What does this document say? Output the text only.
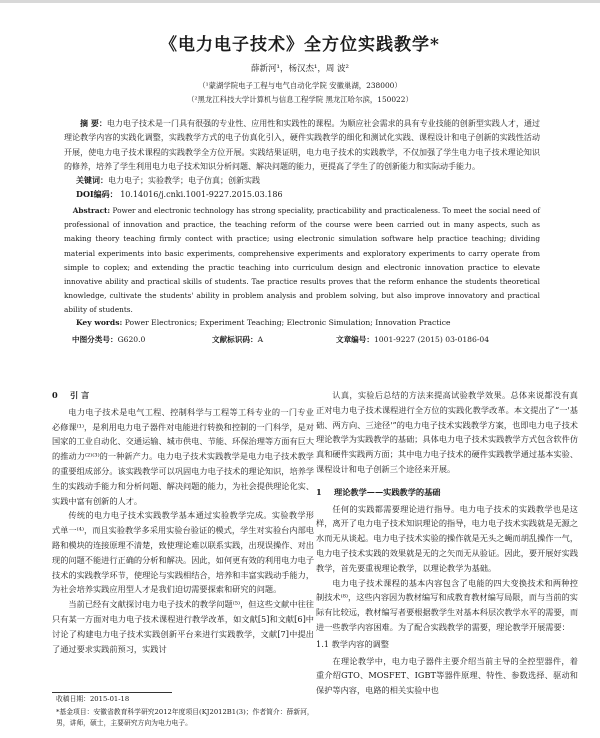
《电力电子技术》全方位实践教学*
薛新河¹，杨汉杰¹，周 波²
（¹蒙湖学院电子工程与电气自动化学院 安徽巢湖，238000）
（²黑龙江科技大学计算机与信息工程学院 黑龙江哈尔滨，150022）
摘 要：电力电子技术是一门具有很强的专业性、应用性和实践性的课程。为顺应社会需求的具有专业技能的创新型实践人才，通过理论教学内容的实践化调整，实践教学方式的电子仿真化引入，硬件实践教学的细化和测试化实践、课程设计和电子创新的实践性活动开展，使电力电子技术课程的实践教学全方位开展。实践结果证明，电力电子技术的实践教学，不仅加强了学生电力电子技术理论知识的修养，培养了学生利用电力电子技术知识分析问题、解决问题的能力，更提高了学生了的创新能力和实际动手能力。
关键词：电力电子；实验教学；电子仿真；创新实践
DOI编码： 10.14016/j.cnki.1001-9227.2015.03.186
Abstract: Power and electronic technology has strong speciality, practicability and practicaleness. To meet the social need of professional of innovation and practice, the teaching reform of the course were been carried out in many aspects, such as making theory teaching firmly contect with practice; using electronic simulation software help practice teaching; dividing material experiments into basic experiments, comprehensive experiments and exploratory experiments to carry operate from simple to coplex; and extending the practic teaching into curriculum design and electronic innovation practice to elevate innovative ability and practical skills of students. Tae practice results proves that the reform enhance the students theoretical knowledge, cultivate the students' ability in problem analysis and problem solving, but also improve innovatory and practical ability of students.
Key words: Power Electronics; Experiment Teaching; Electronic Simulation; Innovation Practice
中图分类号：G620.0	文献标识码：A	文章编号：1001-9227 (2015) 03-0186-04
0 引 言

电力电子技术是电气工程、控制科学与工程等工科专业的一门专业必修课⁽¹⁾，是利用电力电子器件对电能进行转换和控制的一门科学，是对国家的工业自动化、交通运输、城市供电、节能、环保治理等方面有巨大的推动力⁽²⁾⁽³⁾的一种新产力。电力电子技术实践教学是电力电子技术教学的重要组成部分。该实践教学可以巩固电力电子技术的理论知识，培养学生的实践动手能力和分析问题、解决问题的能力，为社会提供理论化实、实践中富有创新的人才。

传统的电力电子技术实践教学基本通过实验教学完成。实验教学形式单一⁽⁴⁾，而且实验教学多采用实验台验证的模式，学生对实验台内部电路和模块的连接原理不清楚，致使理论难以联系实践，出现误操作、对出现的问题不能进行正确的分析和解决。因此，如何更有效的利用电力电子技术的实践教学环节，使理论与实践相结合，培养和丰富实践动手能力，为社会培养实践应用型人才是我们迫切需要探索和研究的问题。

当前已经有文献探讨电力电子技术的教学问题⁽⁵⁾，但这些文献中往往只有某一方面对电力电子技术课程进行教学改革，如文献[5]和文献[6]中讨论了构建电力电子技术实践创新平台来进行实践教学，文献[7]中提出了通过要求实践前预习，实践讨

认真，实验后总结的方法来提高试验教学效果。总体来说都没有真正对电力电子技术课程进行全方位的实践化教学改革。本文提出了“一'基础、两方向、三途径'”的电力电子技术实践教学方案，也即电力电子技术理论教学为实践教学的基础；具体电力电子技术实践教学方式包含软件仿真和硬件实践两方面；其中电力电子技术的硬件实践教学通过基本实验、课程设计和电子创新三个途径来开展。

1 理论教学——实践教学的基础

任何的实践都需要理论进行指导。电力电子技术的实践教学也是这样，离开了电力电子技术知识理论的指导，电力电子技术实践就是无源之水而无从谈起。电力电子技术实验的操作就是无头之蝇而胡乱操作一气，电力电子技术实践的效果就是无的之矢而无从验证。因此，要开展好实践教学，首先要重视理论教学，以理论教学为基础。

电力电子技术课程的基本内容包含了电能的四大变换技术和两种控制技术⁽⁸⁾，这些内容因为教材编写和成教育教材编写局限，而与当前的实际有比较远，教材编写者要根据教学生对基本科层次教学水平的需要，而进一些教学内容困难。为了配合实践教学的需要，理论教学开展需要：

1.1 教学内容的调整

在理论教学中，电力电子器件主要介绍当前主导的全控型器件，着重介绍GTO、MOSFET、IGBT等器件原理、特性、参数选择、驱动和保护等内容，电路的相关实验中也

收稿日期：2015-01-18
*基金项目：安徽省教育科学研究2012年度项目(KJ2012B1(3)；作者简介：薛新河，男，讲师，硕士，主要研究方向为电力电子。
